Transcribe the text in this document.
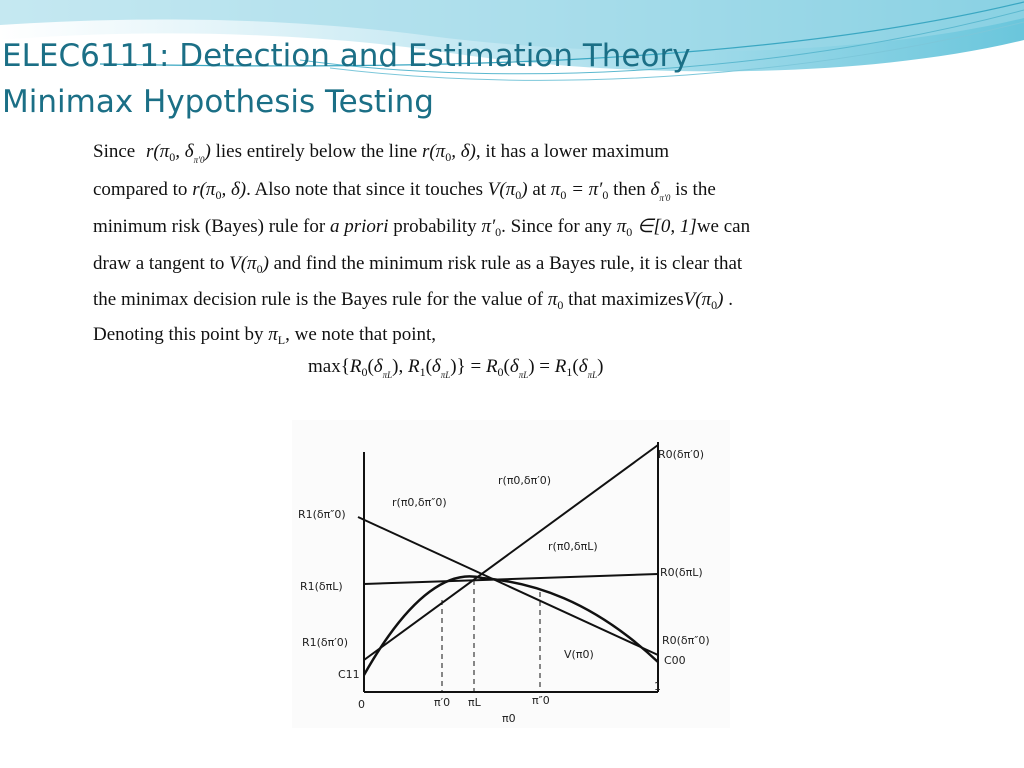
ELEC6111: Detection and Estimation Theory
Minimax Hypothesis Testing
Since $r(\pi_0$, $\delta_{\pi'0}$) lies entirely below the line $r(\pi_0$, δ), it has a lower maximum
compared to $r(\pi_0$, δ). Also note that since it touches $V(\pi_0)$ at $\pi_0 = \pi'_0$ then $\delta_{\pi'0}$ is the
minimum risk (Bayes) rule for a priori probability $\pi'_0$. Since for any $\pi_0$ ∈[0, 1]we can
draw a tangent to $V(\pi_0)$ and find the minimum risk rule as a Bayes rule, it is clear that
the minimax decision rule is the Bayes rule for the value of $\pi_0$ that $maximizesV(\pi_0)$ .
Denoting this point by $\pi_L$, we note that point,
$\max\{R_0(\delta_{\pi L})$, $R_1(\delta_{\pi L})\} = R_0(\delta_{\pi L}) = R_1(\delta_{\pi L})$
R0(δπ′0)
R1(δπ″0)
r(π0,δπ″0)
r(π0,δπ′0)
r(π0,δπL)
R1(δπL)
R0(δπL)
R1(δπ′0)	R0(δπ″0)
V(π0)	C00
C11
0
1
π′0 πL	π″0
π0
